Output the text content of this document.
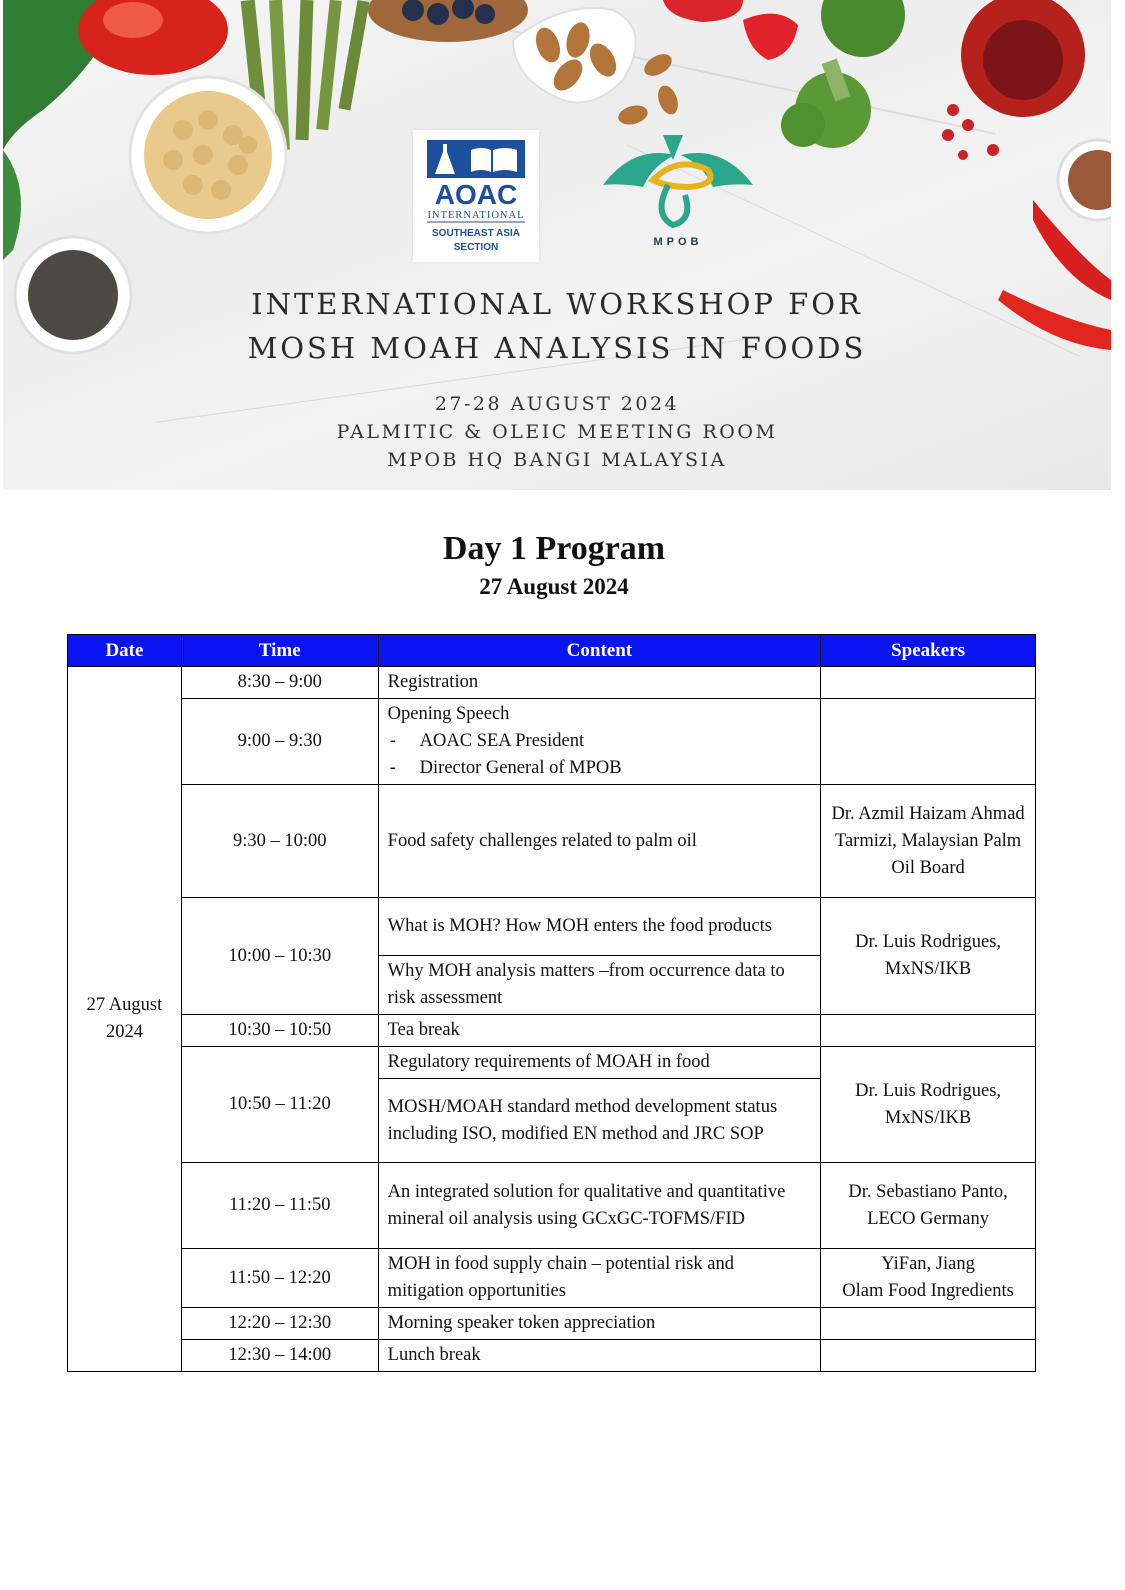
AOAC
INTERNATIONAL
SOUTHEAST ASIA
SECTION	MPOB
INTERNATIONAL WORKSHOP FOR
MOSH MOAH ANALYSIS IN FOODS
27-28 AUGUST 2024
PALMITIC & OLEIC MEETING ROOM
MPOB HQ BANGI MALAYSIA
Day 1 Program
27 August 2024
Date	Time	Content	Speakers

27 August
2024	8:30 – 9:00	Registration	
	9:00 – 9:30	Opening Speech
- AOAC SEA President
- Director General of MPOB

	9:30 – 10:00	Food safety challenges related to palm oil	Dr. Azmil Haizam Ahmad Tarmizi, Malaysian Palm Oil Board
	10:00 – 10:30	What is MOH? How MOH enters the food products	Dr. Luis Rodrigues, MxNS/IKB
		Why MOH analysis matters –from occurrence data to risk assessment	
	10:30 – 10:50	Tea break	
	10:50 – 11:20	Regulatory requirements of MOAH in food	Dr. Luis Rodrigues, MxNS/IKB
		MOSH/MOAH standard method development status including ISO, modified EN method and JRC SOP	
	11:20 – 11:50	An integrated solution for qualitative and quantitative mineral oil analysis using GCxGC-TOFMS/FID	Dr. Sebastiano Panto, LECO Germany
	11:50 – 12:20	MOH in food supply chain – potential risk and mitigation opportunities	YiFan, Jiang
Olam Food Ingredients
	12:20 – 12:30	Morning speaker token appreciation	
	12:30 – 14:00	Lunch break	
